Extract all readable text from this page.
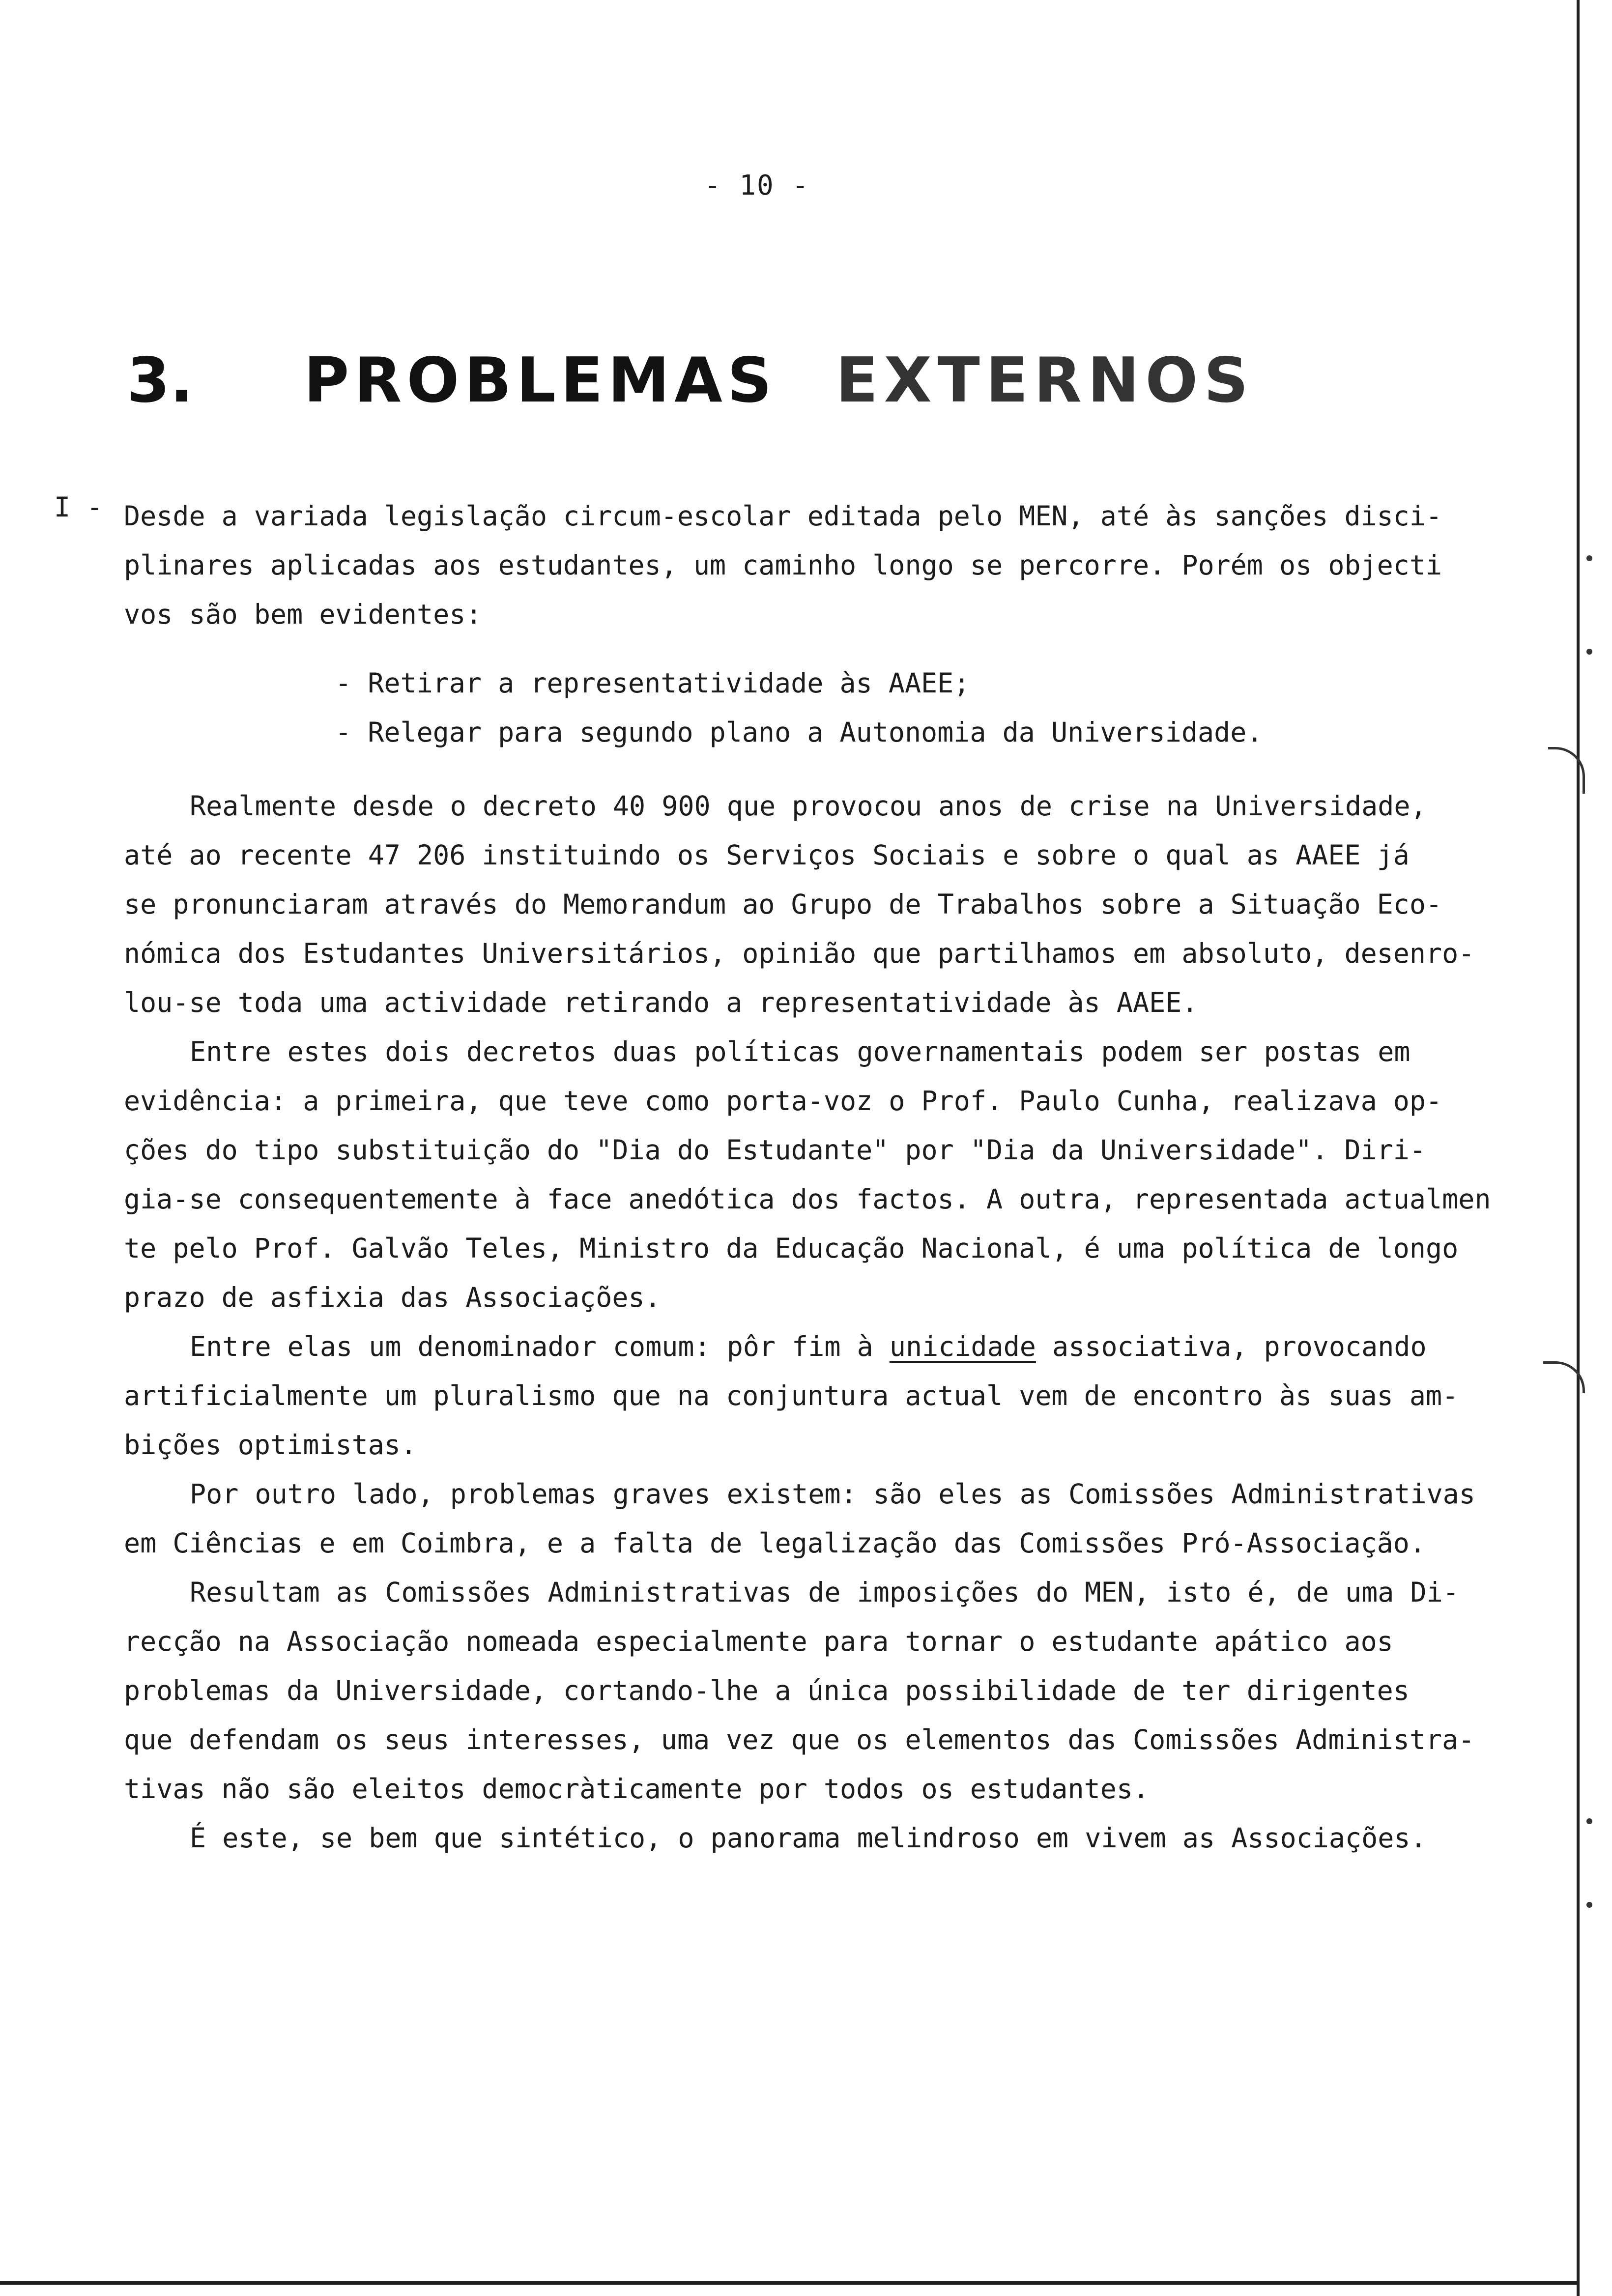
- 10 -
3. PROBLEMAS EXTERNOS
I - Desde a variada legislação circum-escolar editada pelo MEN, até às sanções disci-
plinares aplicadas aos estudantes, um caminho longo se percorre. Porém os objecti
vos são bem evidentes:
- Retirar a representatividade às AAEE;
- Relegar para segundo plano a Autonomia da Universidade.
Realmente desde o decreto 40 900 que provocou anos de crise na Universidade,
até ao recente 47 206 instituindo os Serviços Sociais e sobre o qual as AAEE já
se pronunciaram através do Memorandum ao Grupo de Trabalhos sobre a Situação Eco-
nómica dos Estudantes Universitários, opinião que partilhamos em absoluto, desenro-
lou-se toda uma actividade retirando a representatividade às AAEE.
Entre estes dois decretos duas políticas governamentais podem ser postas em
evidência: a primeira, que teve como porta-voz o Prof. Paulo Cunha, realizava op-
ções do tipo substituição do "Dia do Estudante" por "Dia da Universidade". Diri-
gia-se consequentemente à face anedótica dos factos. A outra, representada actualmen
te pelo Prof. Galvão Teles, Ministro da Educação Nacional, é uma política de longo
prazo de asfixia das Associações.
Entre elas um denominador comum: pôr fim à unicidade associativa, provocando
artificialmente um pluralismo que na conjuntura actual vem de encontro às suas am-
bições optimistas.
Por outro lado, problemas graves existem: são eles as Comissões Administrativas
em Ciências e em Coimbra, e a falta de legalização das Comissões Pró-Associação.
Resultam as Comissões Administrativas de imposições do MEN, isto é, de uma Di-
recção na Associação nomeada especialmente para tornar o estudante apático aos
problemas da Universidade, cortando-lhe a única possibilidade de ter dirigentes
que defendam os seus interesses, uma vez que os elementos das Comissões Administra-
tivas não são eleitos democràticamente por todos os estudantes.
É este, se bem que sintético, o panorama melindroso em vivem as Associações.
